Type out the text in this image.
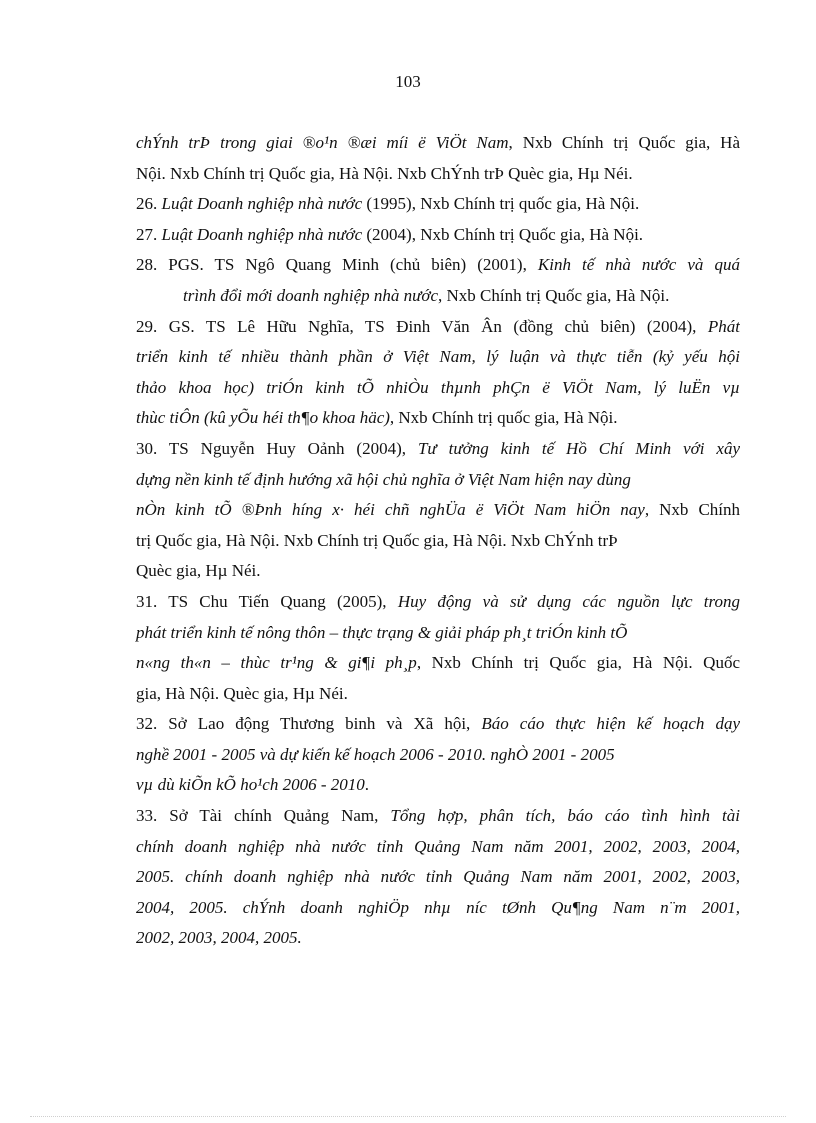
103
chÝnh trÞ trong giai ®o¹n ®æi míi ë ViÖt Nam, Nxb Chính trị Quốc gia, Hà
Nội. Nxb Chính trị Quốc gia, Hà Nội. Nxb ChÝnh trÞ Quèc gia, Hµ Néi.
26. Luật Doanh nghiệp nhà nước (1995), Nxb Chính trị quốc gia, Hà Nội.
27. Luật Doanh nghiệp nhà nước (2004), Nxb Chính trị Quốc gia, Hà Nội.
28. PGS. TS Ngô Quang Minh (chủ biên) (2001), Kinh tế nhà nước và quá
trình đổi mới doanh nghiệp nhà nước, Nxb Chính trị Quốc gia, Hà Nội.
29. GS. TS Lê Hữu Nghĩa, TS Đinh Văn Ân (đồng chủ biên) (2004), Phát
triển kinh tế nhiều thành phần ở Việt Nam, lý luận và thực tiễn (kỷ yếu hội
thảo khoa học) triÓn kinh tÕ nhiÒu thµnh phÇn ë ViÖt Nam, lý luËn vµ
thùc tiÔn (kû yÕu héi th¶o khoa häc), Nxb Chính trị quốc gia, Hà Nội.
30. TS Nguyễn Huy Oảnh (2004), Tư tưởng kinh tế Hồ Chí Minh với xây
dựng nền kinh tế định hướng xã hội chủ nghĩa ở Việt Nam hiện nay dùng
nÒn kinh tÕ ®Þnh híng x· héi chñ nghÜa ë ViÖt Nam hiÖn nay, Nxb Chính
trị Quốc gia, Hà Nội. Nxb Chính trị Quốc gia, Hà Nội. Nxb ChÝnh trÞ
Quèc gia, Hµ Néi.
31. TS Chu Tiến Quang (2005), Huy động và sử dụng các nguồn lực trong
phát triển kinh tế nông thôn – thực trạng & giải pháp ph¸t triÓn kinh tÕ
n«ng th«n – thùc tr¹ng & gi¶i ph¸p, Nxb Chính trị Quốc gia, Hà Nội. Quốc
gia, Hà Nội. Quèc gia, Hµ Néi.
32. Sở Lao động Thương binh và Xã hội, Báo cáo thực hiện kế hoạch dạy
nghề 2001 - 2005 và dự kiến kế hoạch 2006 - 2010. nghÒ 2001 - 2005
vµ dù kiÕn kÕ ho¹ch 2006 - 2010.
33. Sở Tài chính Quảng Nam, Tổng hợp, phân tích, báo cáo tình hình tài
chính doanh nghiệp nhà nước tỉnh Quảng Nam năm 2001, 2002, 2003, 2004,
2005. chính doanh nghiệp nhà nước tỉnh Quảng Nam năm 2001, 2002, 2003,
2004, 2005. chÝnh doanh nghiÖp nhµ níc tØnh Qu¶ng Nam n¨m 2001,
2002, 2003, 2004, 2005.
